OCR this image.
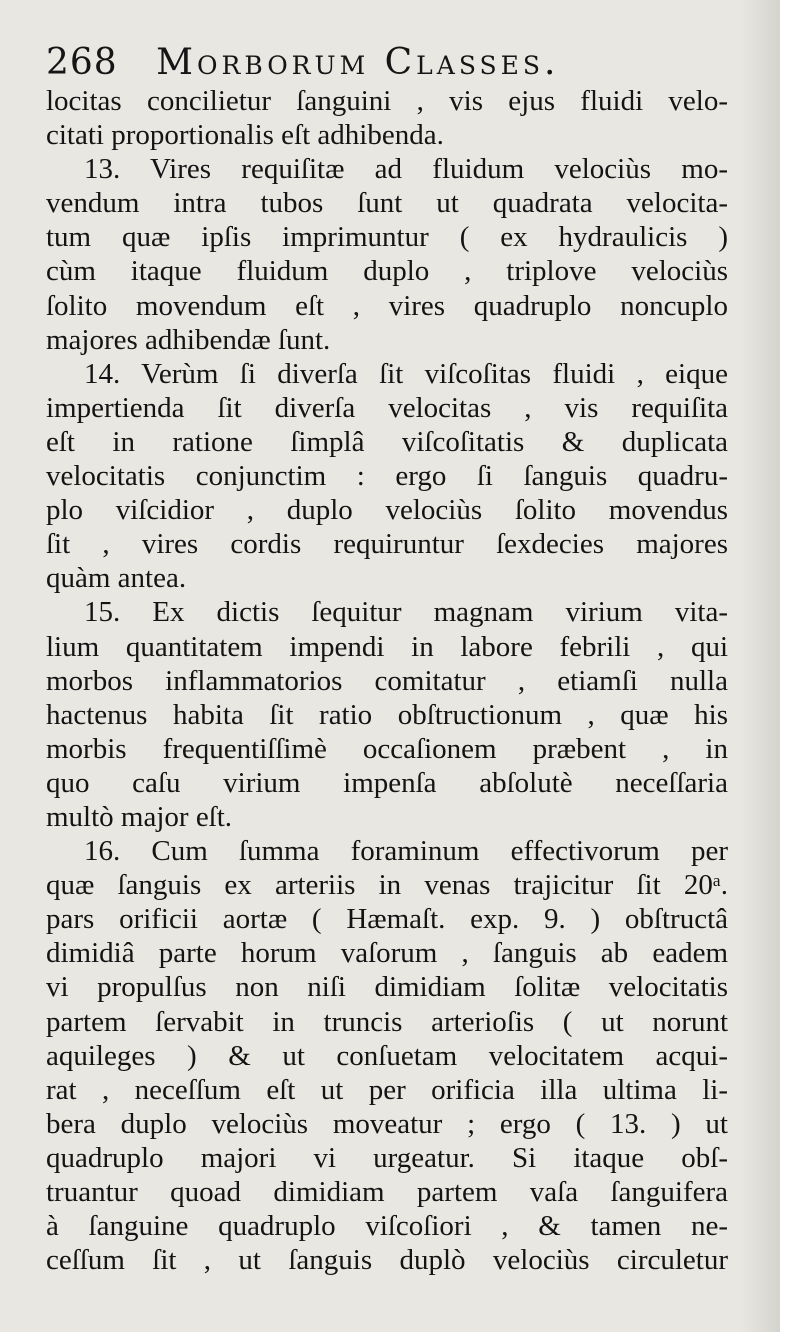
268 Morborum Classes.
locitas concilietur ſanguini , vis ejus fluidi velo-
citati proportionalis eſt adhibenda.
13. Vires requiſitæ ad fluidum velociùs mo-
vendum intra tubos ſunt ut quadrata velocita-
tum quæ ipſis imprimuntur ( ex hydraulicis )
cùm itaque fluidum duplo , triplove velociùs
ſolito movendum eſt , vires quadruplo noncuplo
majores adhibendæ ſunt.
14. Verùm ſi diverſa ſit viſcoſitas fluidi , eique
impertienda ſit diverſa velocitas , vis requiſita
eſt in ratione ſimplâ viſcoſitatis & duplicata
velocitatis conjunctim : ergo ſi ſanguis quadru-
plo viſcidior , duplo velociùs ſolito movendus
ſit , vires cordis requiruntur ſexdecies majores
quàm antea.
15. Ex dictis ſequitur magnam virium vita-
lium quantitatem impendi in labore febrili , qui
morbos inflammatorios comitatur , etiamſi nulla
hactenus habita ſit ratio obſtructionum , quæ his
morbis frequentiſſimè occaſionem præbent , in
quo caſu virium impenſa abſolutè neceſſaria
multò major eſt.
16. Cum ſumma foraminum effectivorum per
quæ ſanguis ex arteriis in venas trajicitur ſit 20ᵃ.
pars orificii aortæ ( Hæmaſt. exp. 9. ) obſtructâ
dimidiâ parte horum vaſorum , ſanguis ab eadem
vi propulſus non niſi dimidiam ſolitæ velocitatis
partem ſervabit in truncis arterioſis ( ut norunt
aquileges ) & ut conſuetam velocitatem acqui-
rat , neceſſum eſt ut per orificia illa ultima li-
bera duplo velociùs moveatur ; ergo ( 13. ) ut
quadruplo majori vi urgeatur. Si itaque obſ-
truantur quoad dimidiam partem vaſa ſanguifera
à ſanguine quadruplo viſcoſiori , & tamen ne-
ceſſum ſit , ut ſanguis duplò velociùs circuletur
